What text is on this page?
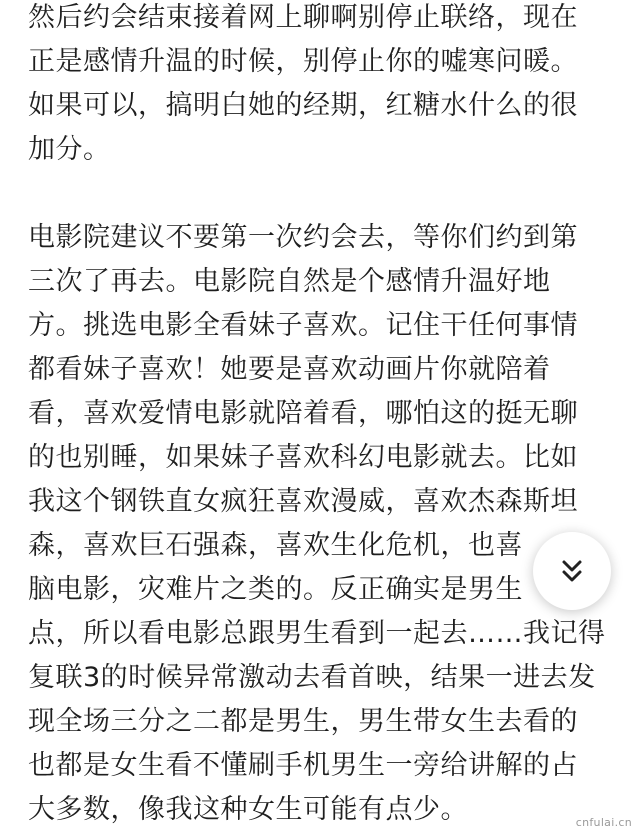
然后约会结束接着网上聊啊别停止联络，现在
正是感情升温的时候，别停止你的嘘寒问暖。
如果可以，搞明白她的经期，红糖水什么的很
加分。

电影院建议不要第一次约会去，等你们约到第
三次了再去。电影院自然是个感情升温好地
方。挑选电影全看妹子喜欢。记住干任何事情
都看妹子喜欢！她要是喜欢动画片你就陪着
看，喜欢爱情电影就陪着看，哪怕这的挺无聊
的也别睡，如果妹子喜欢科幻电影就去。比如
我这个钢铁直女疯狂喜欢漫威，喜欢杰森斯坦
森，喜欢巨石强森，喜欢生化危机，也喜
脑电影，灾难片之类的。反正确实是男生
点，所以看电影总跟男生看到一起去……我记得
复联3的时候异常激动去看首映，结果一进去发
现全场三分之二都是男生，男生带女生去看的
也都是女生看不懂刷手机男生一旁给讲解的占
大多数，像我这种女生可能有点少。	cnfulai.cn
